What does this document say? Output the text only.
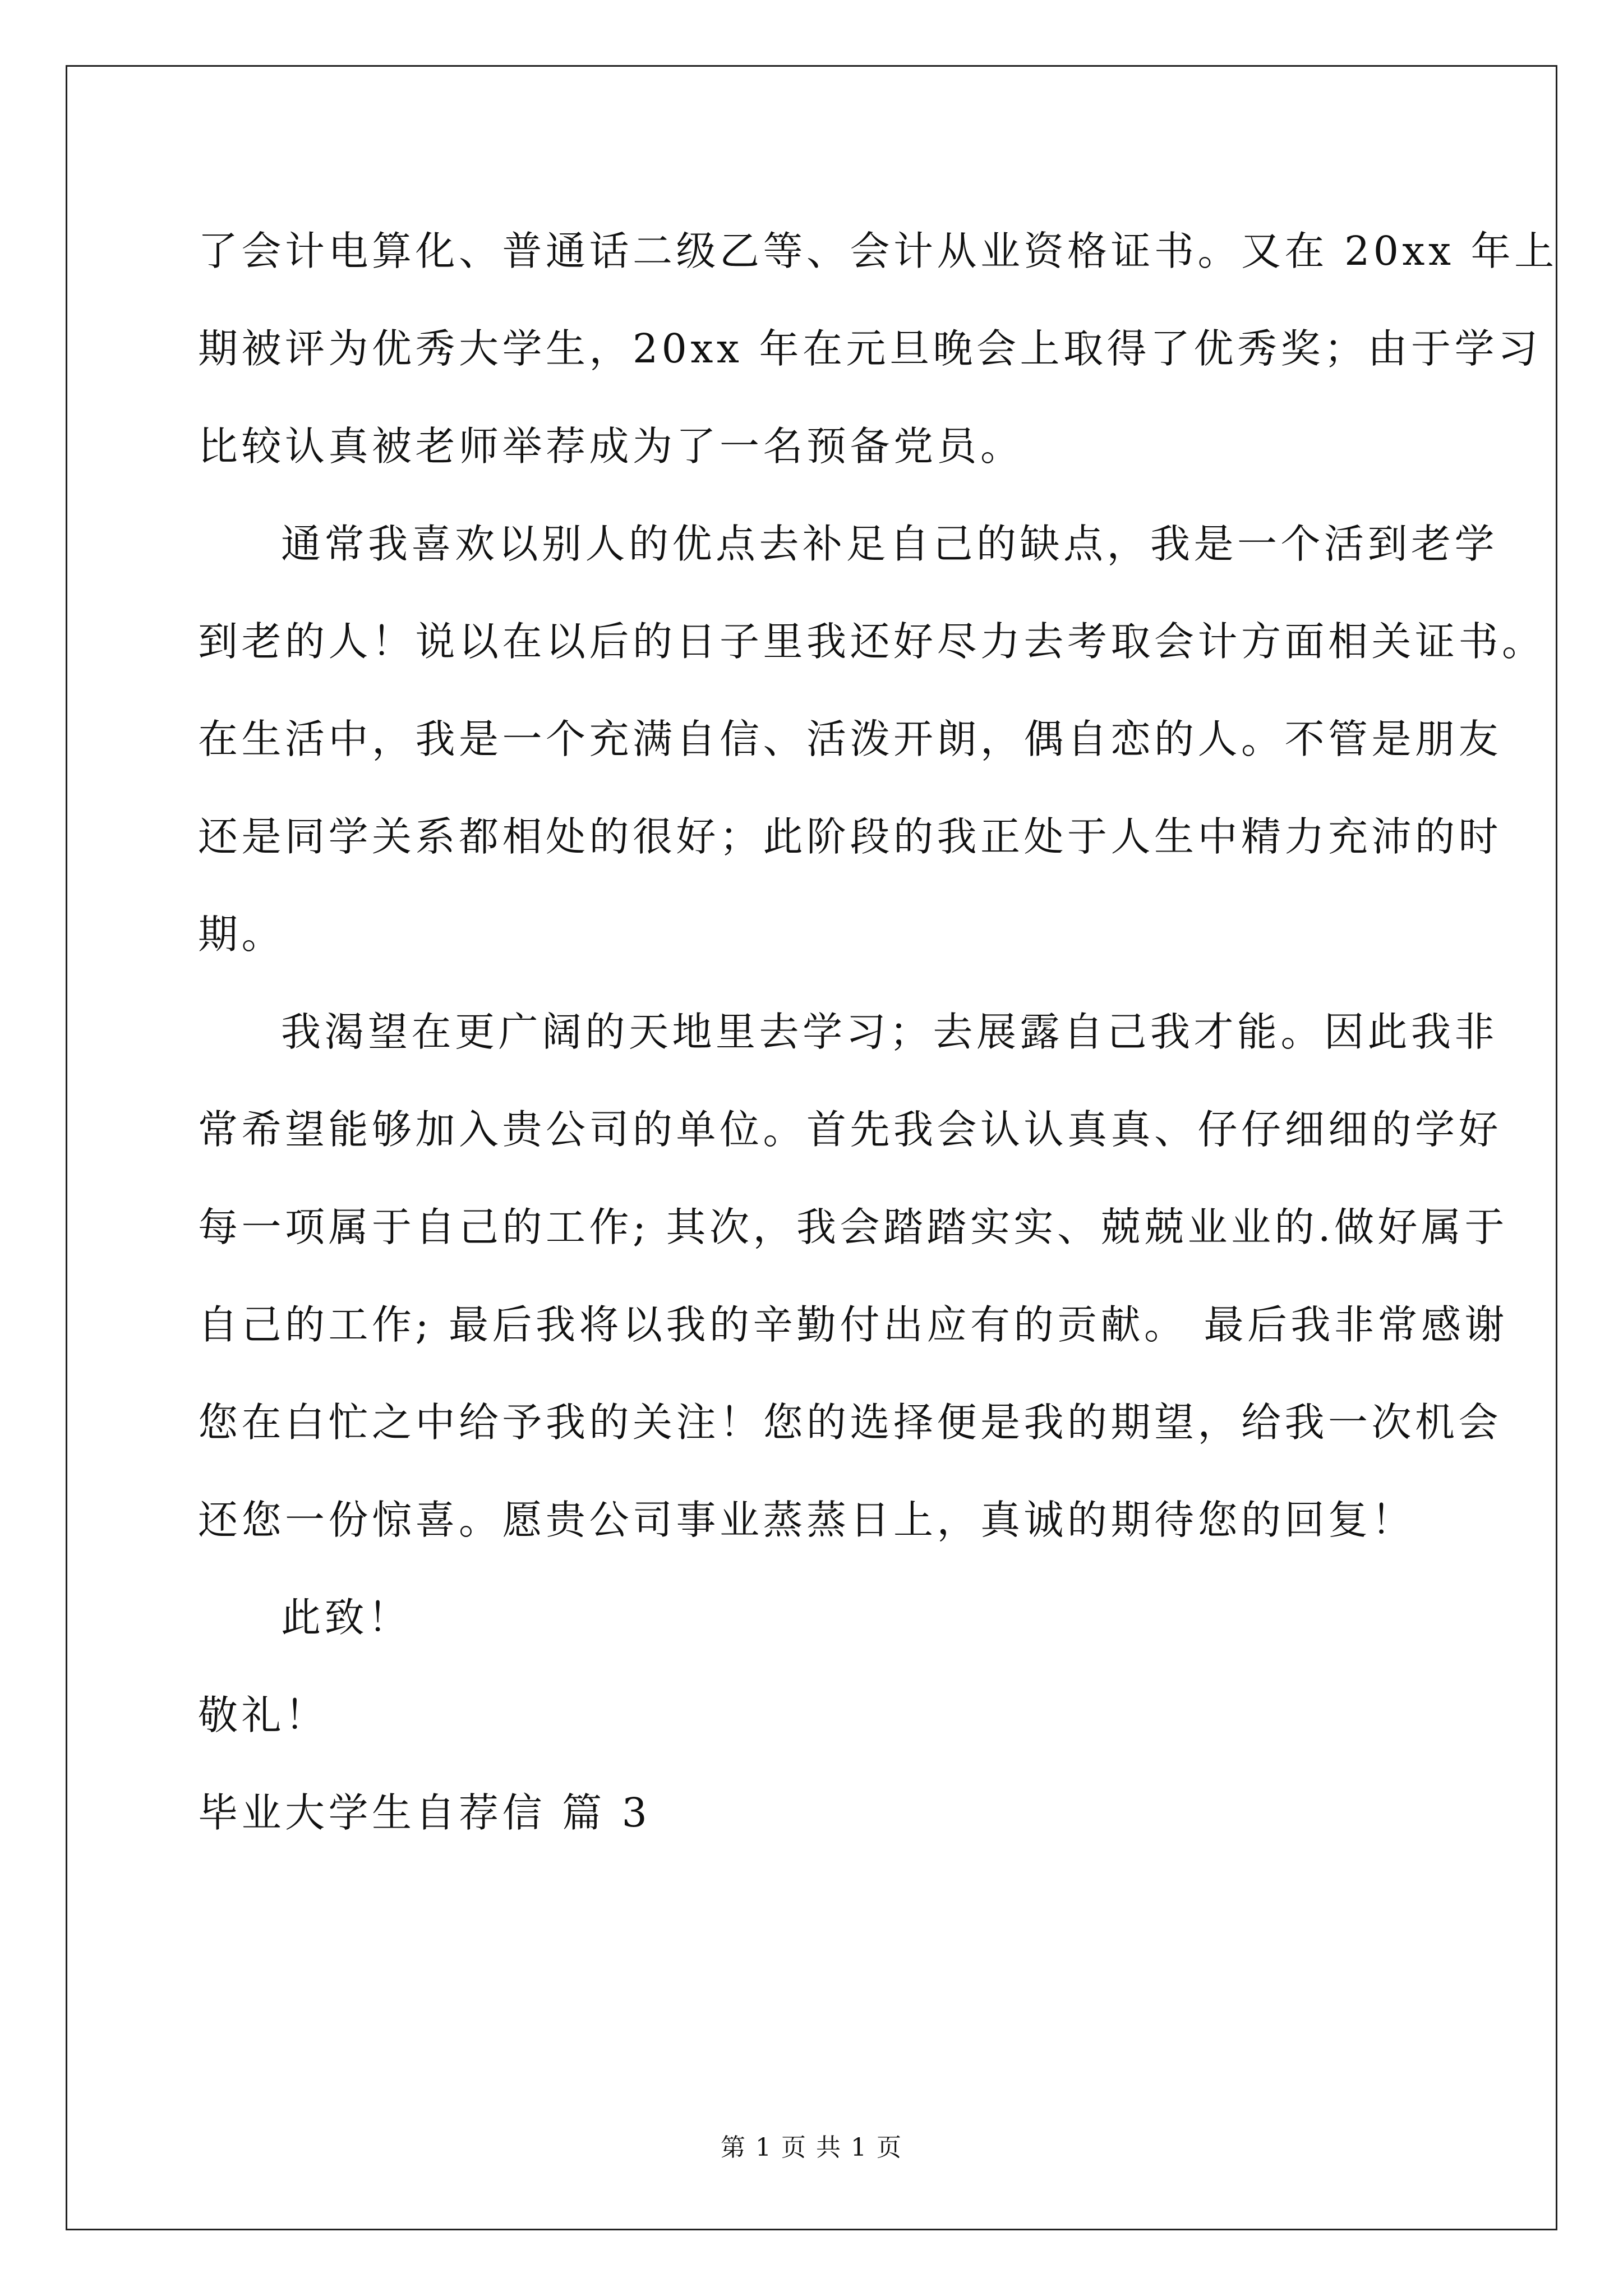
了会计电算化、普通话二级乙等、会计从业资格证书。又在 20xx 年上
期被评为优秀大学生，20xx 年在元旦晚会上取得了优秀奖；由于学习
比较认真被老师举荐成为了一名预备党员。
通常我喜欢以别人的优点去补足自己的缺点，我是一个活到老学
到老的人！说以在以后的日子里我还好尽力去考取会计方面相关证书。
在生活中，我是一个充满自信、活泼开朗，偶自恋的人。不管是朋友
还是同学关系都相处的很好；此阶段的我正处于人生中精力充沛的时
期。
我渴望在更广阔的天地里去学习；去展露自己我才能。因此我非
常希望能够加入贵公司的单位。首先我会认认真真、仔仔细细的学好
每一项属于自己的工作; 其次，我会踏踏实实、兢兢业业的.做好属于
自己的工作; 最后我将以我的辛勤付出应有的贡献。 最后我非常感谢
您在白忙之中给予我的关注！您的选择便是我的期望，给我一次机会
还您一份惊喜。愿贵公司事业蒸蒸日上，真诚的期待您的回复！
此致！
敬礼！
毕业大学生自荐信 篇 3
第 1 页 共 1 页
